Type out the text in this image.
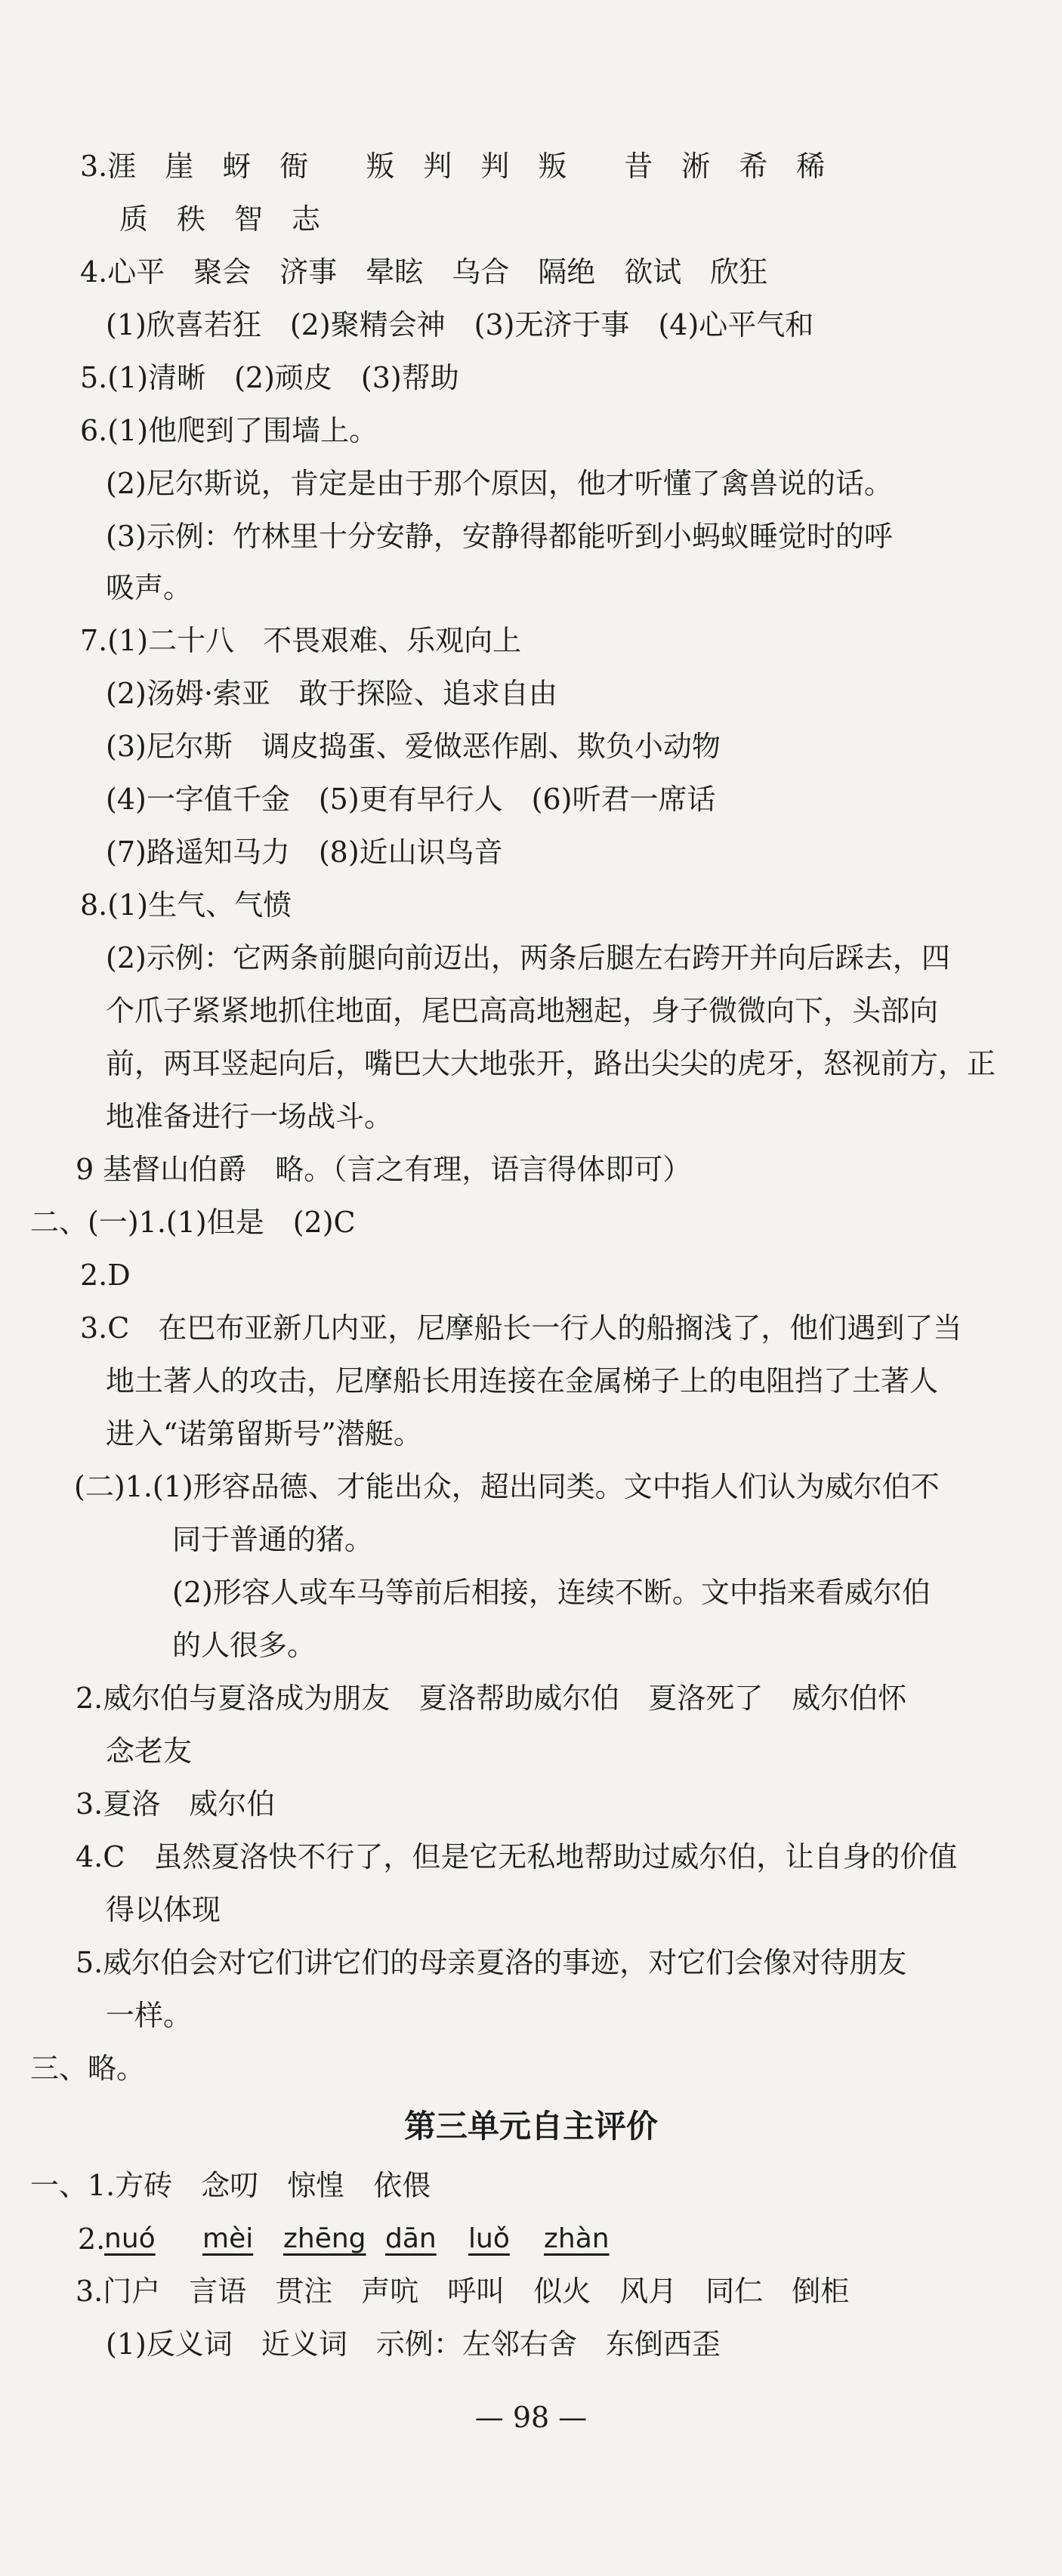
3.涯　崖　蚜　衙　　叛　判　判　叛　　昔　淅　希　稀

质　秩　智　志

4.心平　聚会　济事　晕眩　乌合　隔绝　欲试　欣狂

(1)欣喜若狂　(2)聚精会神　(3)无济于事　(4)心平气和

5.(1)清晰　(2)顽皮　(3)帮助

6.(1)他爬到了围墙上。

(2)尼尔斯说，肯定是由于那个原因，他才听懂了禽兽说的话。

(3)示例：竹林里十分安静，安静得都能听到小蚂蚁睡觉时的呼

吸声。

7.(1)二十八　不畏艰难、乐观向上

(2)汤姆·索亚　敢于探险、追求自由

(3)尼尔斯　调皮捣蛋、爱做恶作剧、欺负小动物

(4)一字值千金　(5)更有早行人　(6)听君一席话

(7)路遥知马力　(8)近山识鸟音

8.(1)生气、气愤

(2)示例：它两条前腿向前迈出，两条后腿左右跨开并向后踩去，四

个爪子紧紧地抓住地面，尾巴高高地翘起，身子微微向下，头部向

前，两耳竖起向后，嘴巴大大地张开，路出尖尖的虎牙，怒视前方，正

地准备进行一场战斗。

9 基督山伯爵　略。（言之有理，语言得体即可）

二、(一)1.(1)但是　(2)C

2.D

3.C　在巴布亚新几内亚，尼摩船长一行人的船搁浅了，他们遇到了当

地土著人的攻击，尼摩船长用连接在金属梯子上的电阻挡了土著人

进入“诺第留斯号”潜艇。

(二)1.(1)形容品德、才能出众，超出同类。文中指人们认为威尔伯不

同于普通的猪。

(2)形容人或车马等前后相接，连续不断。文中指来看威尔伯

的人很多。

2.威尔伯与夏洛成为朋友　夏洛帮助威尔伯　夏洛死了　威尔伯怀

念老友

3.夏洛　威尔伯

4.C　虽然夏洛快不行了，但是它无私地帮助过威尔伯，让自身的价值

得以体现

5.威尔伯会对它们讲它们的母亲夏洛的事迹，对它们会像对待朋友

一样。

三、略。

第三单元自主评价

一、1.方砖　念叨　惊惶　依偎

2.
nuó mèi zhēng dān luǒ zhàn

3.门户　言语　贯注　声吭　呼叫　似火　风月　同仁　倒柜

(1)反义词　近义词　示例：左邻右舍　东倒西歪

— 98 —
